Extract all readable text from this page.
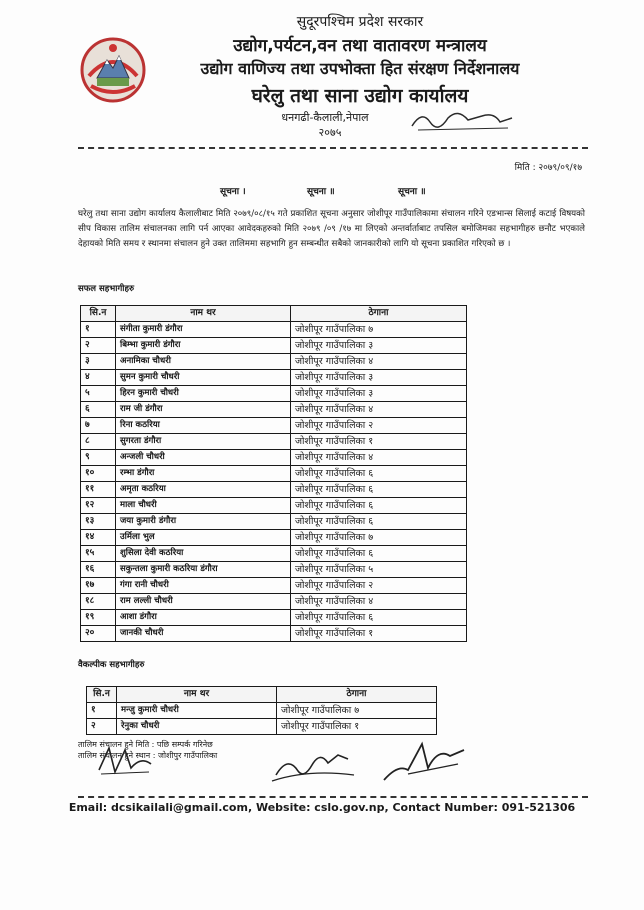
सुदूरपश्चिम प्रदेश सरकार
उद्योग,पर्यटन,वन तथा वातावरण मन्त्रालय
उद्योग वाणिज्य तथा उपभोक्ता हित संरक्षण निर्देशनालय
घरेलु तथा साना उद्योग कार्यालय
धनगढी-कैलाली,नेपाल
२०७५
मिति : २०७९/०९/१७
सूचना ।	सूचना ॥	सूचना ॥
घरेलु तथा साना उद्योग कार्यालय कैलालीबाट मिति २०७९/०८/१५ गते प्रकाशित सूचना अनुसार जोशीपूर गाउँपालिकामा संचालन गरिने एडभान्स सिलाई कटाई विषयको सीप विकास तालिम संचालनका लागि पर्न आएका आवेदकहरुको मिति २०७९ /०९ /१७ मा लिएको अन्तर्वार्ताबाट तपसिल बमोजिमका सहभागीहरु छनौट भएकाले देहायको मिति समय र स्थानमा संचालन हुने उक्त तालिममा सहभागि हुन सम्बन्धीत सबैको जानकारीको लागि यो सूचना प्रकाशित गरिएको छ ।
सफल सहभागीहरु
सि.न	नाम थर	ठेगाना
१	संगीता कुमारी डंगौरा	जोशीपूर गाउँपालिका ७
२	बिम्भा कुमारी डंगौरा	जोशीपूर गाउँपालिका ३
३	अनामिका चौधरी	जोशीपूर गाउँपालिका ४
४	सुमन कुमारी चौधरी	जोशीपूर गाउँपालिका ३
५	हिरन कुमारी चौधरी	जोशीपूर गाउँपालिका ३
६	राम जी डंगौरा	जोशीपूर गाउँपालिका ४
७	रिना कठरिया	जोशीपूर गाउँपालिका २
८	सुगरता डंगौरा	जोशीपूर गाउँपालिका १
९	अन्जली चौधरी	जोशीपूर गाउँपालिका ४
१०	रम्भा डंगौरा	जोशीपूर गाउँपालिका ६
११	अमृता कठरिया	जोशीपूर गाउँपालिका ६
१२	माला चौधरी	जोशीपूर गाउँपालिका ६
१३	जया कुमारी डंगौरा	जोशीपूर गाउँपालिका ६
१४	उर्मिला भुल	जोशीपूर गाउँपालिका ७
१५	शुसिला देवी कठरिया	जोशीपूर गाउँपालिका ६
१६	सकुन्तला कुमारी कठरिया डंगौरा	जोशीपूर गाउँपालिका ५
१७	गंगा रानी चौधरी	जोशीपूर गाउँपालिका २
१८	राम लल्ली चौधरी	जोशीपूर गाउँपालिका ४
१९	आशा डंगौरा	जोशीपूर गाउँपालिका ६
२०	जानकी चौधरी	जोशीपूर गाउँपालिका १
वैकल्पीक सहभागीहरु
सि.न	नाम थर	ठेगाना
१	मन्जु कुमारी चौधरी	जोशीपूर गाउँपालिका ७
२	रेनुका चौधरी	जोशीपूर गाउँपालिका १
तालिम संचालन हुने मिति : पछि सम्पर्क गरिनेछ
तालिम संचालन हुने स्थान : जोशीपुर गाउँपालिका
Email: dcsikailali@gmail.com, Website: cslo.gov.np, Contact Number: 091-521306
